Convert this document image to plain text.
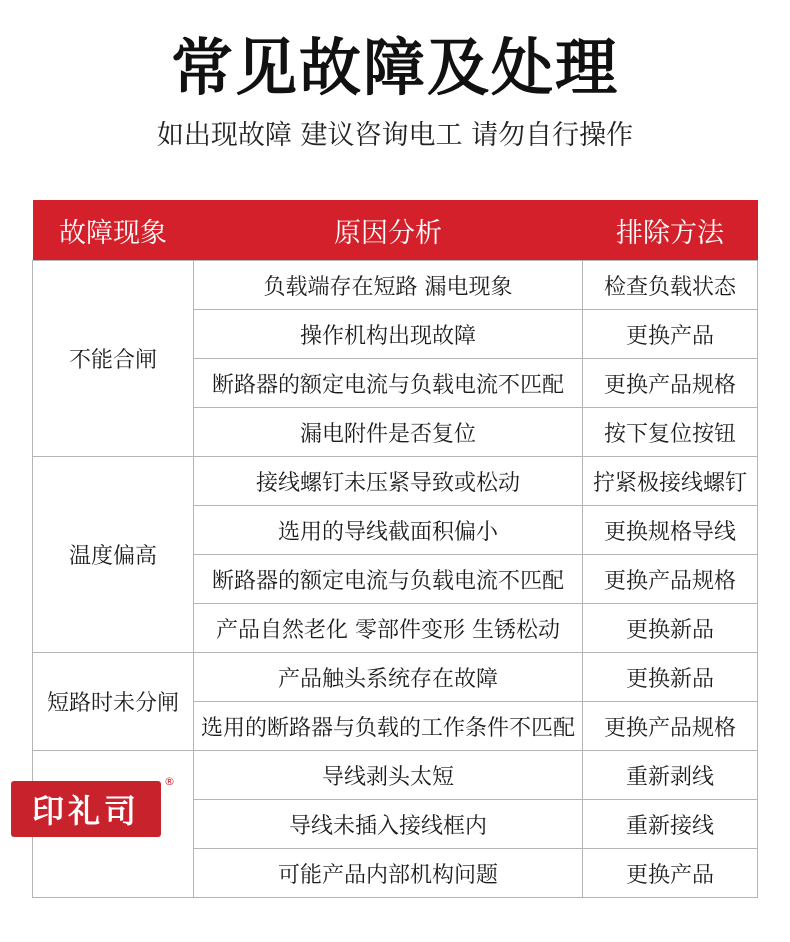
常见故障及处理
如出现故障 建议咨询电工 请勿自行操作
故障现象	原因分析	排除方法
不能合闸	负载端存在短路 漏电现象	检查负载状态
	操作机构出现故障	更换产品
	断路器的额定电流与负载电流不匹配	更换产品规格
	漏电附件是否复位	按下复位按钮
温度偏高	接线螺钉未压紧导致或松动	拧紧极接线螺钉
	选用的导线截面积偏小	更换规格导线
	断路器的额定电流与负载电流不匹配	更换产品规格
	产品自然老化 零部件变形 生锈松动	更换新品
短路时未分闸	产品触头系统存在故障	更换新品
	选用的断路器与负载的工作条件不匹配	更换产品规格

印礼司
®	导线剥头太短	重新剥线
	导线未插入接线框内	重新接线
	可能产品内部机构问题	更换产品
